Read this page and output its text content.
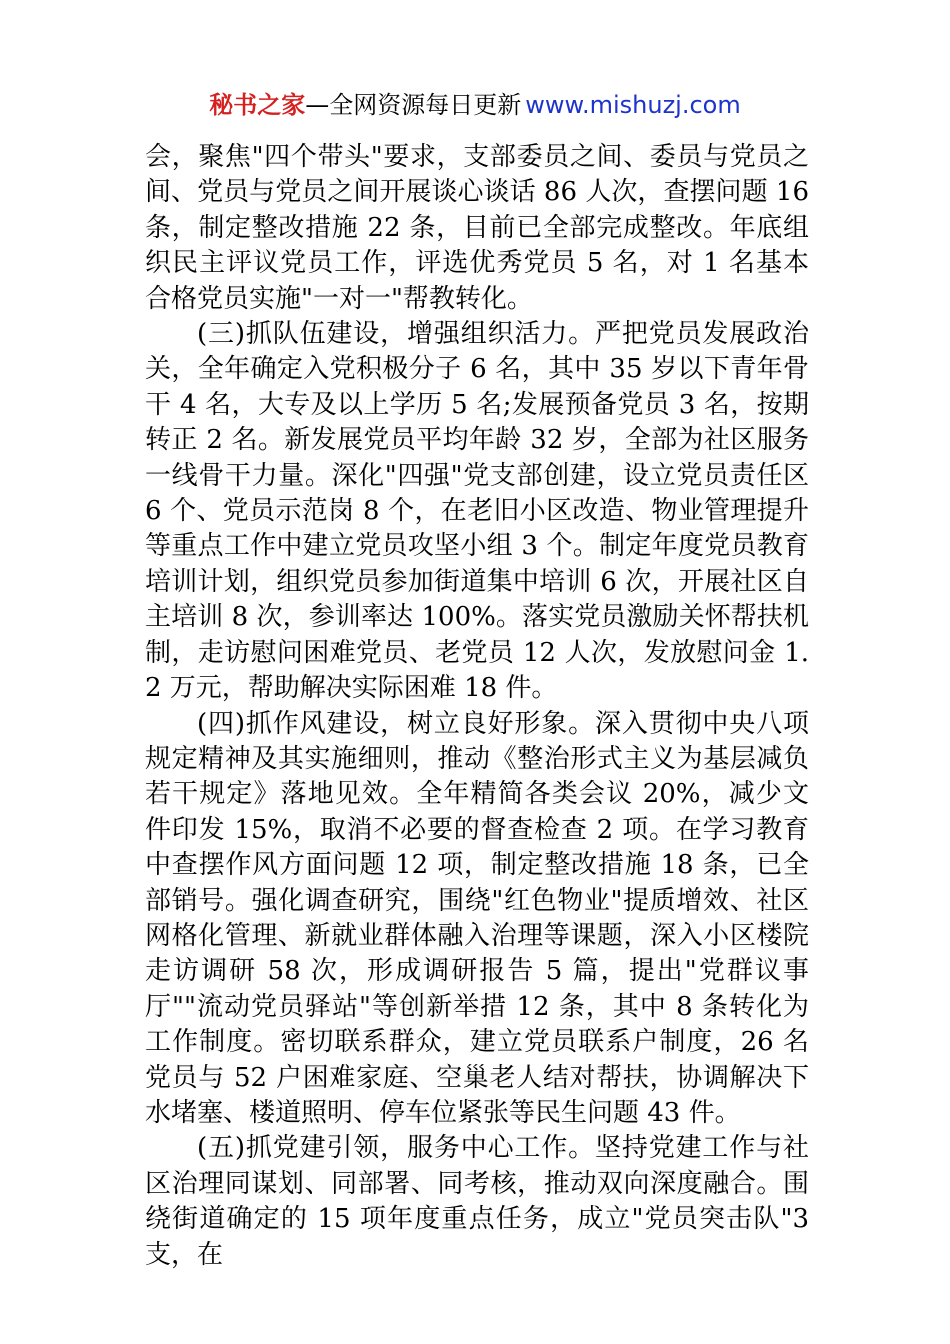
秘书之家—全网资源每日更新 www.mishuzj.com

会，聚焦"四个带头"要求，支部委员之间、委员与党员之间、党员与党员之间开展谈心谈话 86 人次，查摆问题 16 条，制定整改措施 22 条，目前已全部完成整改。年底组织民主评议党员工作，评选优秀党员 5 名，对 1 名基本合格党员实施"一对一"帮教转化。

(三)抓队伍建设，增强组织活力。严把党员发展政治关，全年确定入党积极分子 6 名，其中 35 岁以下青年骨干 4 名，大专及以上学历 5 名;发展预备党员 3 名，按期转正 2 名。新发展党员平均年龄 32 岁，全部为社区服务一线骨干力量。深化"四强"党支部创建，设立党员责任区 6 个、党员示范岗 8 个，在老旧小区改造、物业管理提升等重点工作中建立党员攻坚小组 3 个。制定年度党员教育培训计划，组织党员参加街道集中培训 6 次，开展社区自主培训 8 次，参训率达 100%。落实党员激励关怀帮扶机制，走访慰问困难党员、老党员 12 人次，发放慰问金 1.2 万元，帮助解决实际困难 18 件。

(四)抓作风建设，树立良好形象。深入贯彻中央八项规定精神及其实施细则，推动《整治形式主义为基层减负若干规定》落地见效。全年精简各类会议 20%，减少文件印发 15%，取消不必要的督查检查 2 项。在学习教育中查摆作风方面问题 12 项，制定整改措施 18 条，已全部销号。强化调查研究，围绕"红色物业"提质增效、社区网格化管理、新就业群体融入治理等课题，深入小区楼院走访调研 58 次，形成调研报告 5 篇，提出"党群议事厅""流动党员驿站"等创新举措 12 条，其中 8 条转化为工作制度。密切联系群众，建立党员联系户制度，26 名党员与 52 户困难家庭、空巢老人结对帮扶，协调解决下水堵塞、楼道照明、停车位紧张等民生问题 43 件。

(五)抓党建引领，服务中心工作。坚持党建工作与社区治理同谋划、同部署、同考核，推动双向深度融合。围绕街道确定的 15 项年度重点任务，成立"党员突击队"3 支，在
